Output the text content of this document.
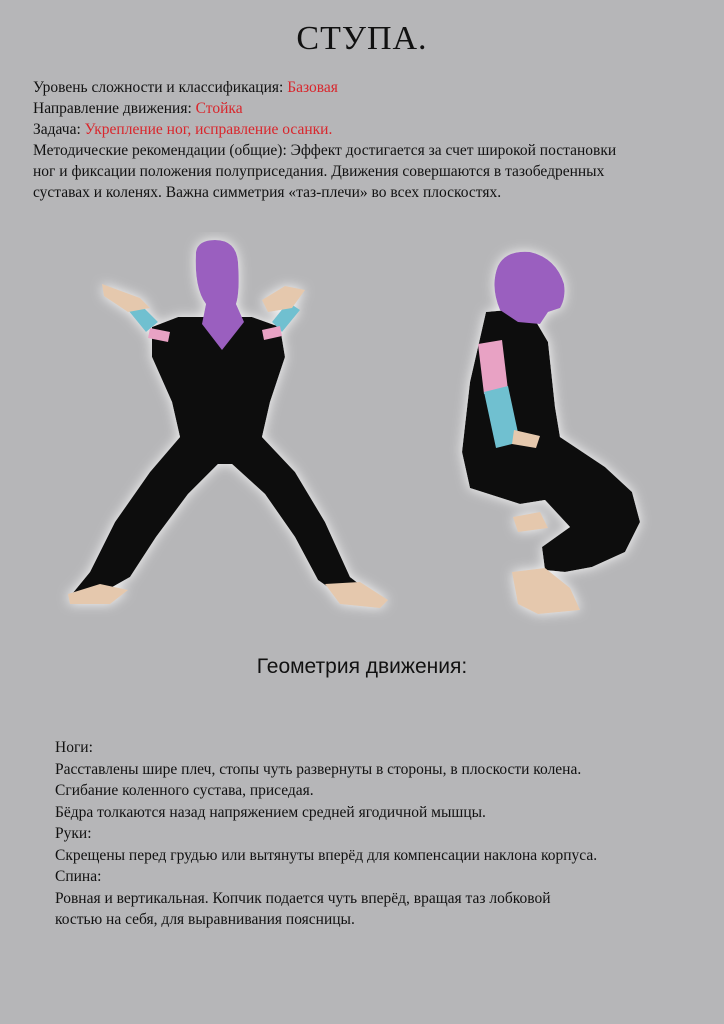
СТУПА.
Уровень сложности и классификация: Базовая
Направление движения: Стойка
Задача: Укрепление ног, исправление осанки.
Методические рекомендации (общие): Эффект достигается за счет широкой постановки
ног и фиксации положения полуприседания. Движения совершаются в тазобедренных
суставах и коленях. Важна симметрия «таз-плечи» во всех плоскостях.
Геометрия движения:
Ноги:
Расставлены шире плеч, стопы чуть развернуты в стороны, в плоскости колена.
Сгибание коленного сустава, приседая.
Бёдра толкаются назад напряжением средней ягодичной мышцы.
Руки:
Скрещены перед грудью или вытянуты вперёд для компенсации наклона корпуса.
Спина:
Ровная и вертикальная. Копчик подается чуть вперёд, вращая таз лобковой
костью на себя, для выравнивания поясницы.
